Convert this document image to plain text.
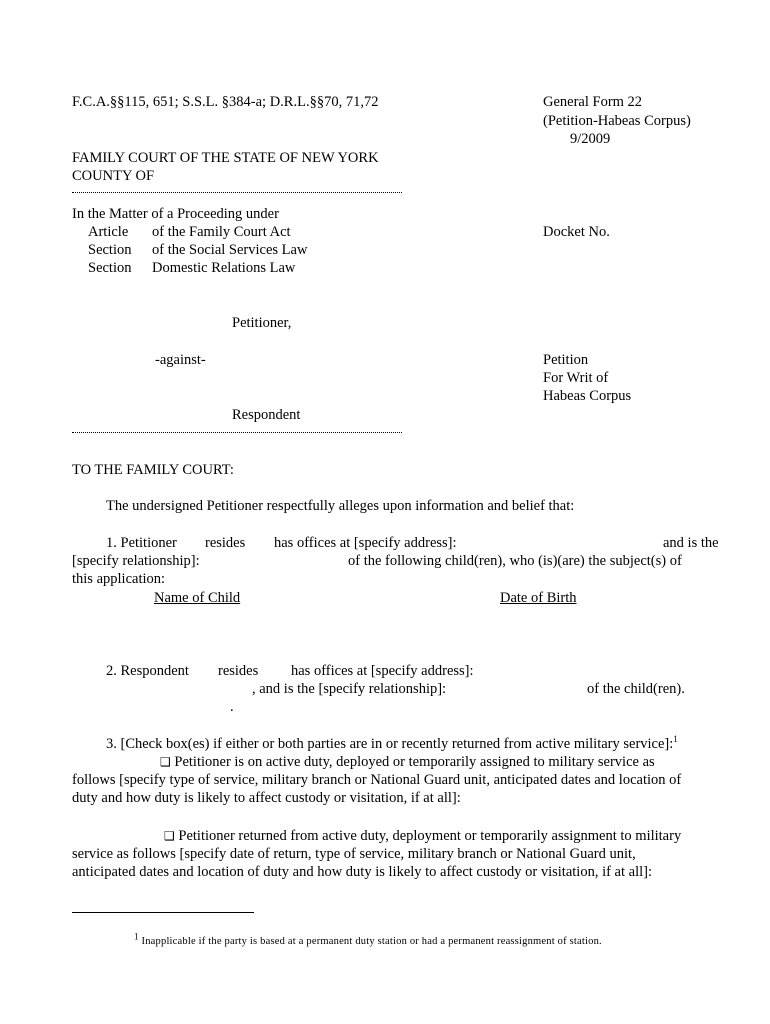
F.C.A.§§115, 651; S.S.L. §384-a; D.R.L.§§70, 71,72	General Form 22
(Petition-Habeas Corpus)
9/2009
FAMILY COURT OF THE STATE OF NEW YORK
COUNTY OF
In the Matter of a Proceeding under
Article of the Family Court Act
Section of the Social Services Law
Section Domestic Relations Law
Docket No.
Petitioner,
-against-	Petition
For Writ of
Habeas Corpus
Respondent
TO THE FAMILY COURT:
The undersigned Petitioner respectfully alleges upon information and belief that:
1. Petitioner resides has offices at [specify address]:	and is the
[specify relationship]:	of the following child(ren), who (is)(are) the subject(s) of
this application:
Name of Child	Date of Birth
2. Respondent resides has offices at [specify address]:
, and is the [specify relationship]:	of the child(ren).
.
3. [Check box(es) if either or both parties are in or recently returned from active military service]:$^1$
❑ Petitioner is on active duty, deployed or temporarily assigned to military service as
follows [specify type of service, military branch or National Guard unit, anticipated dates and location of
duty and how duty is likely to affect custody or visitation, if at all]:
❑ Petitioner returned from active duty, deployment or temporarily assignment to military
service as follows [specify date of return, type of service, military branch or National Guard unit,
anticipated dates and location of duty and how duty is likely to affect custody or visitation, if at all]:
$^1$ Inapplicable if the party is based at a permanent duty station or had a permanent reassignment of station.
